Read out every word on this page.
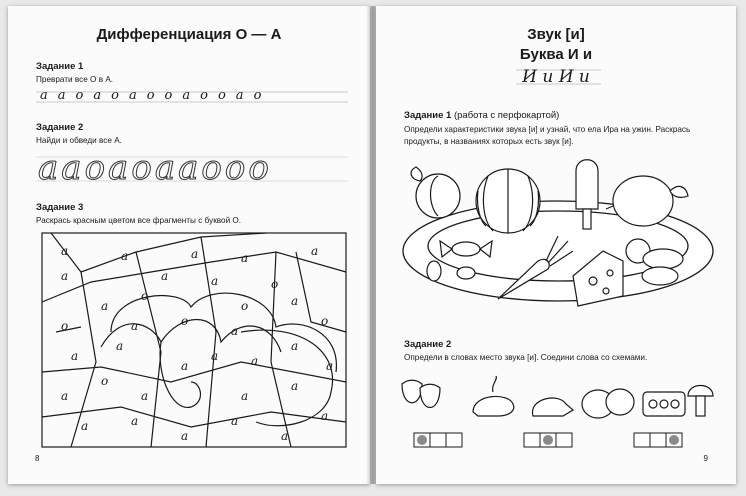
Дифференциация О — А
Задание 1
Преврати все О в А.
а а о а о а о о а о о а о
Задание 2
Найди и обведи все А.
а а о а о а а о о о
Задание 3
Раскрась красным цветом все фрагменты с буквой О.
а	а	а	а	а
а	а	а	о
а
о
о	а
о
о	а	о
а
а
а	а
о
а	а	а
а	а	а
а
а	а
а
а
а
а
а
8
Звук [и]
Буква И и
И и И и
Задание 1 (работа с перфокартой)
Определи характеристики звука [и] и узнай, что ела Ира на ужин. Раскрась продукты, в названиях которых есть звук [и].
Задание 2
Определи в словах место звука [и]. Соедини слова со схемами.
9
